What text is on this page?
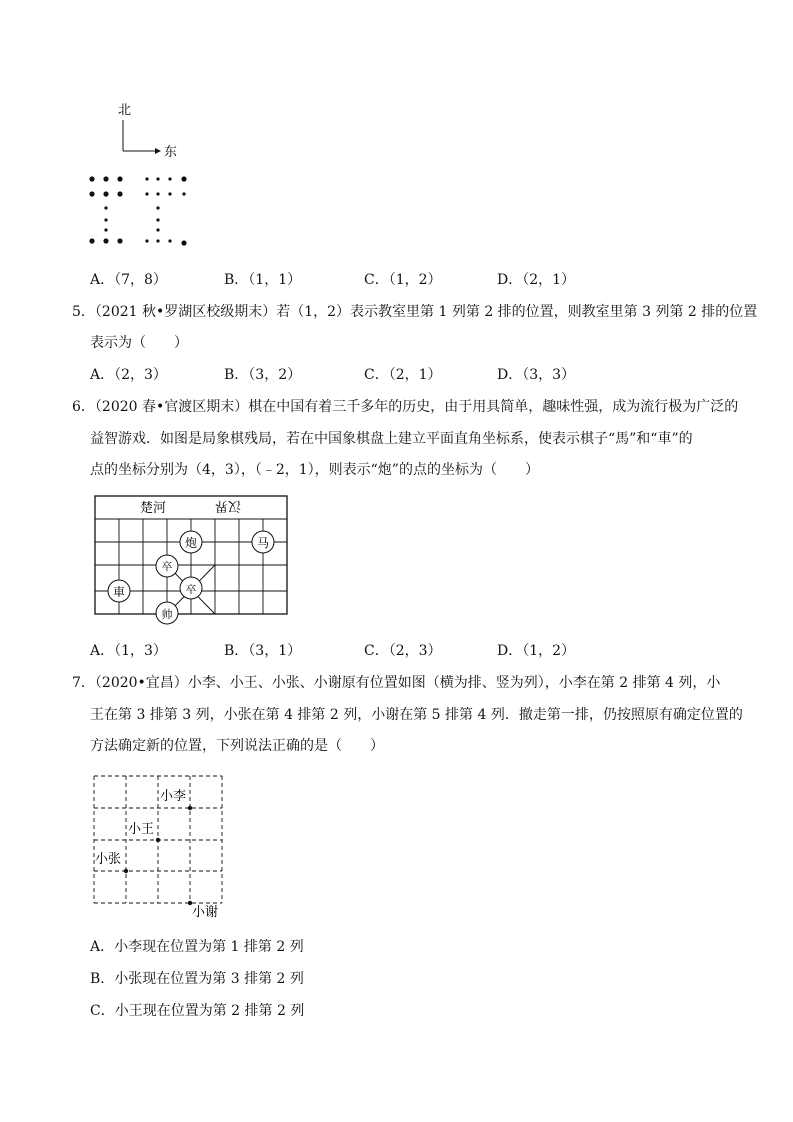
北
东
A．（7，8）	B．（1，1）	C．（1，2）	D．（2，1）
5．（2021 秋•罗湖区校级期末）若（1，2）表示教室里第 1 列第 2 排的位置，则教室里第 3 列第 2 排的位置
表示为（　　）
A．（2，3）	B．（3，2）	C．（2，1）	D．（3，3）
6．（2020 春•官渡区期末）棋在中国有着三千多年的历史，由于用具简单，趣味性强，成为流行极为广泛的
益智游戏．如图是局象棋残局，若在中国象棋盘上建立平面直角坐标系，使表示棋子“馬”和“車”的
点的坐标分别为（4，3），（﹣2，1），则表示“炮”的点的坐标为（　　）
楚河	汉界
炮	马
卒
卒
車
帅
A．（1，3）	B．（3，1）	C．（2，3）	D．（1，2）
7．（2020•宜昌）小李、小王、小张、小谢原有位置如图（横为排、竖为列），小李在第 2 排第 4 列，小
王在第 3 排第 3 列，小张在第 4 排第 2 列，小谢在第 5 排第 4 列．撤走第一排，仍按照原有确定位置的
方法确定新的位置，下列说法正确的是（　　）
小李
小王
小张
小谢
A．小李现在位置为第 1 排第 2 列
B．小张现在位置为第 3 排第 2 列
C．小王现在位置为第 2 排第 2 列
